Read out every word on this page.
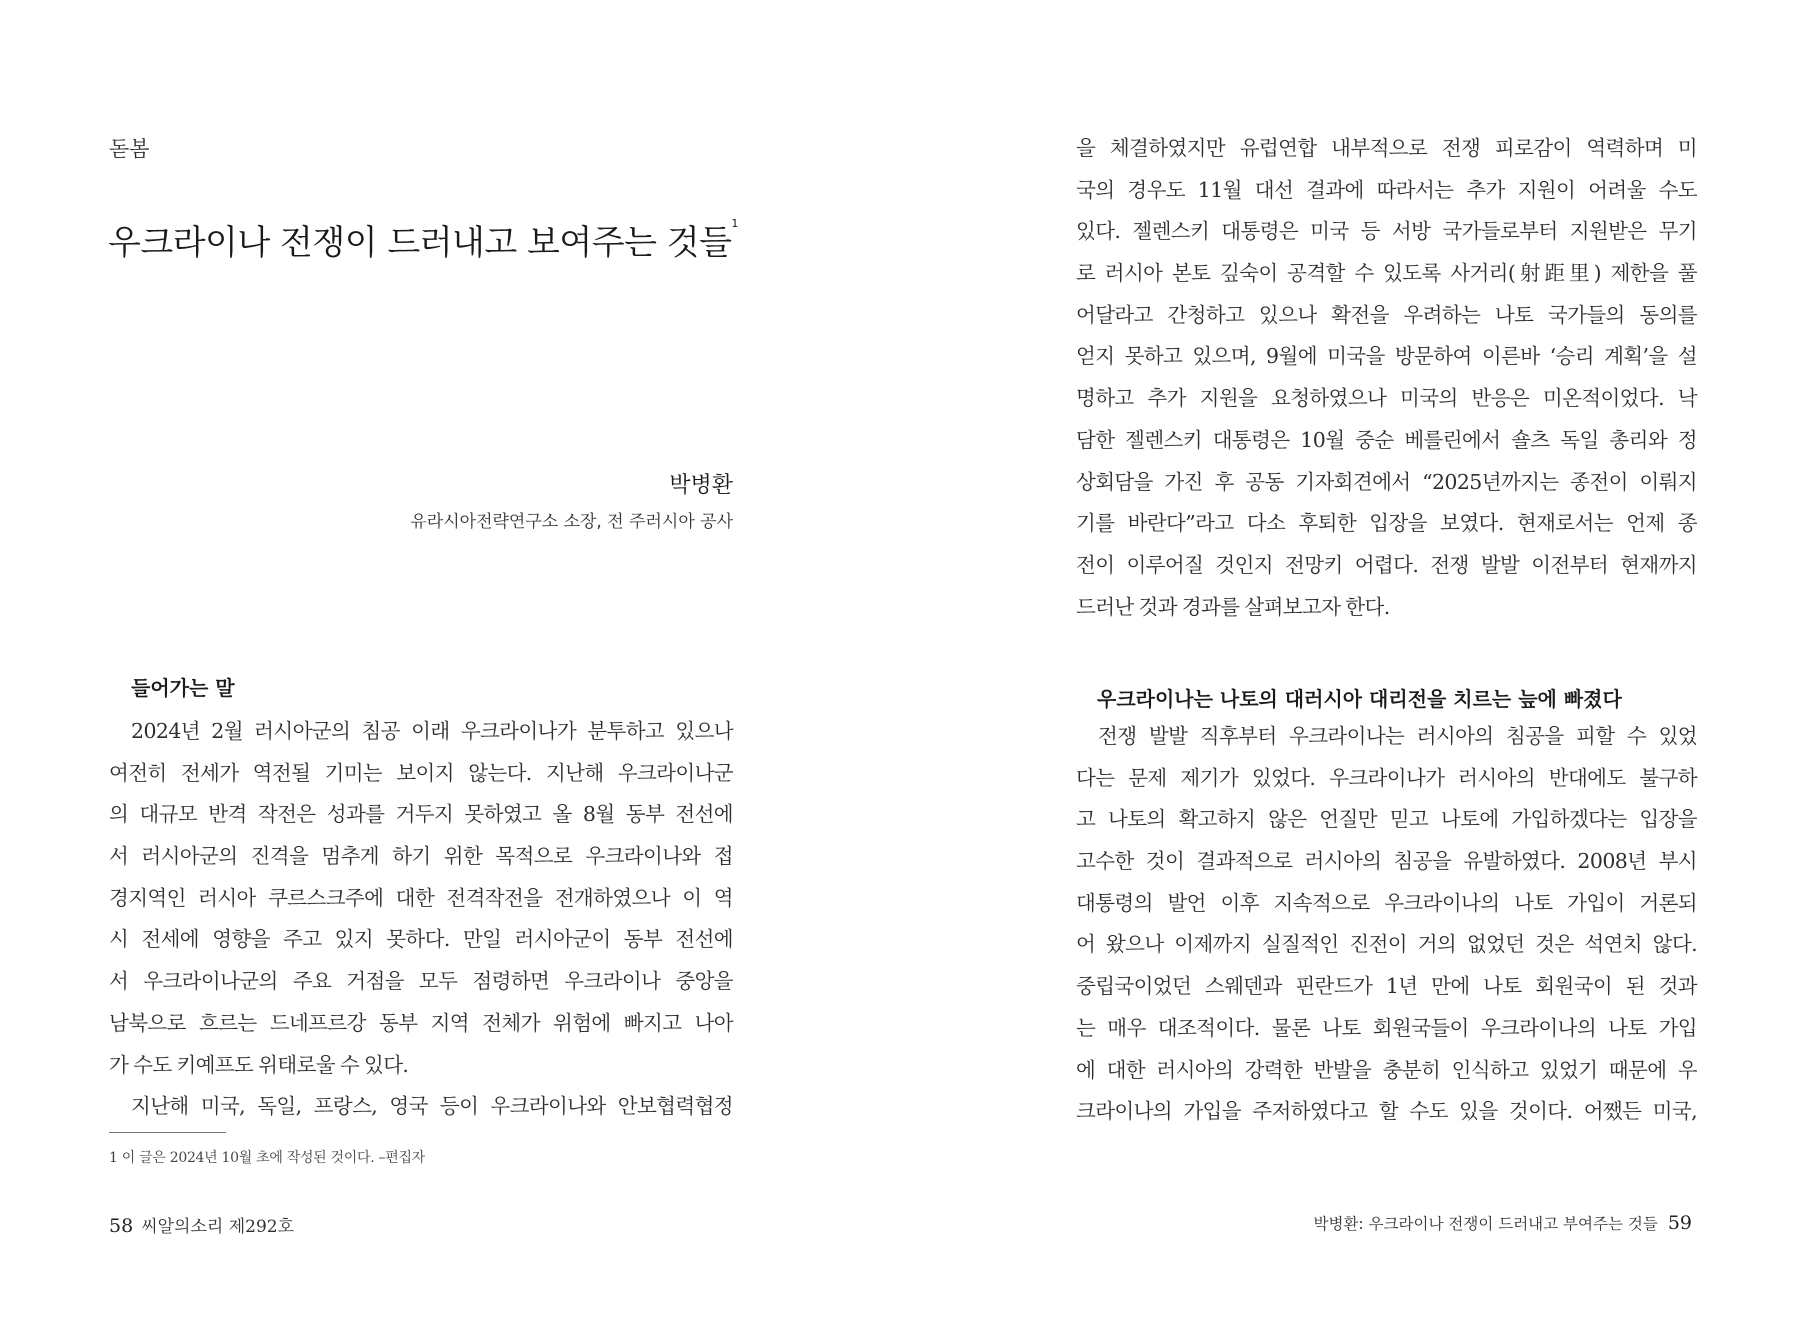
돋봄
우크라이나 전쟁이 드러내고 보여주는 것들$^1$
박병환
유라시아전략연구소 소장, 전 주러시아 공사
들어가는 말
2024년 2월 러시아군의 침공 이래 우크라이나가 분투하고 있으나
여전히 전세가 역전될 기미는 보이지 않는다. 지난해 우크라이나군
의 대규모 반격 작전은 성과를 거두지 못하였고 올 8월 동부 전선에
서 러시아군의 진격을 멈추게 하기 위한 목적으로 우크라이나와 접
경지역인 러시아 쿠르스크주에 대한 전격작전을 전개하였으나 이 역
시 전세에 영향을 주고 있지 못하다. 만일 러시아군이 동부 전선에
서 우크라이나군의 주요 거점을 모두 점령하면 우크라이나 중앙을
남북으로 흐르는 드네프르강 동부 지역 전체가 위험에 빠지고 나아
가 수도 키예프도 위태로울 수 있다.
지난해 미국, 독일, 프랑스, 영국 등이 우크라이나와 안보협력협정
1 이 글은 2024년 10월 초에 작성된 것이다. –편집자
58 씨알의소리 제292호
을 체결하였지만 유럽연합 내부적으로 전쟁 피로감이 역력하며 미
국의 경우도 11월 대선 결과에 따라서는 추가 지원이 어려울 수도
있다. 젤렌스키 대통령은 미국 등 서방 국가들로부터 지원받은 무기
로 러시아 본토 깊숙이 공격할 수 있도록 사거리(射距里) 제한을 풀
어달라고 간청하고 있으나 확전을 우려하는 나토 국가들의 동의를
얻지 못하고 있으며, 9월에 미국을 방문하여 이른바 ‘승리 계획’을 설
명하고 추가 지원을 요청하였으나 미국의 반응은 미온적이었다. 낙
담한 젤렌스키 대통령은 10월 중순 베를린에서 숄츠 독일 총리와 정
상회담을 가진 후 공동 기자회견에서 “2025년까지는 종전이 이뤄지
기를 바란다”라고 다소 후퇴한 입장을 보였다. 현재로서는 언제 종
전이 이루어질 것인지 전망키 어렵다. 전쟁 발발 이전부터 현재까지
드러난 것과 경과를 살펴보고자 한다.
우크라이나는 나토의 대러시아 대리전을 치르는 늪에 빠졌다
전쟁 발발 직후부터 우크라이나는 러시아의 침공을 피할 수 있었
다는 문제 제기가 있었다. 우크라이나가 러시아의 반대에도 불구하
고 나토의 확고하지 않은 언질만 믿고 나토에 가입하겠다는 입장을
고수한 것이 결과적으로 러시아의 침공을 유발하였다. 2008년 부시
대통령의 발언 이후 지속적으로 우크라이나의 나토 가입이 거론되
어 왔으나 이제까지 실질적인 진전이 거의 없었던 것은 석연치 않다.
중립국이었던 스웨덴과 핀란드가 1년 만에 나토 회원국이 된 것과
는 매우 대조적이다. 물론 나토 회원국들이 우크라이나의 나토 가입
에 대한 러시아의 강력한 반발을 충분히 인식하고 있었기 때문에 우
크라이나의 가입을 주저하였다고 할 수도 있을 것이다. 어쨌든 미국,
박병환: 우크라이나 전쟁이 드러내고 부여주는 것들 59
